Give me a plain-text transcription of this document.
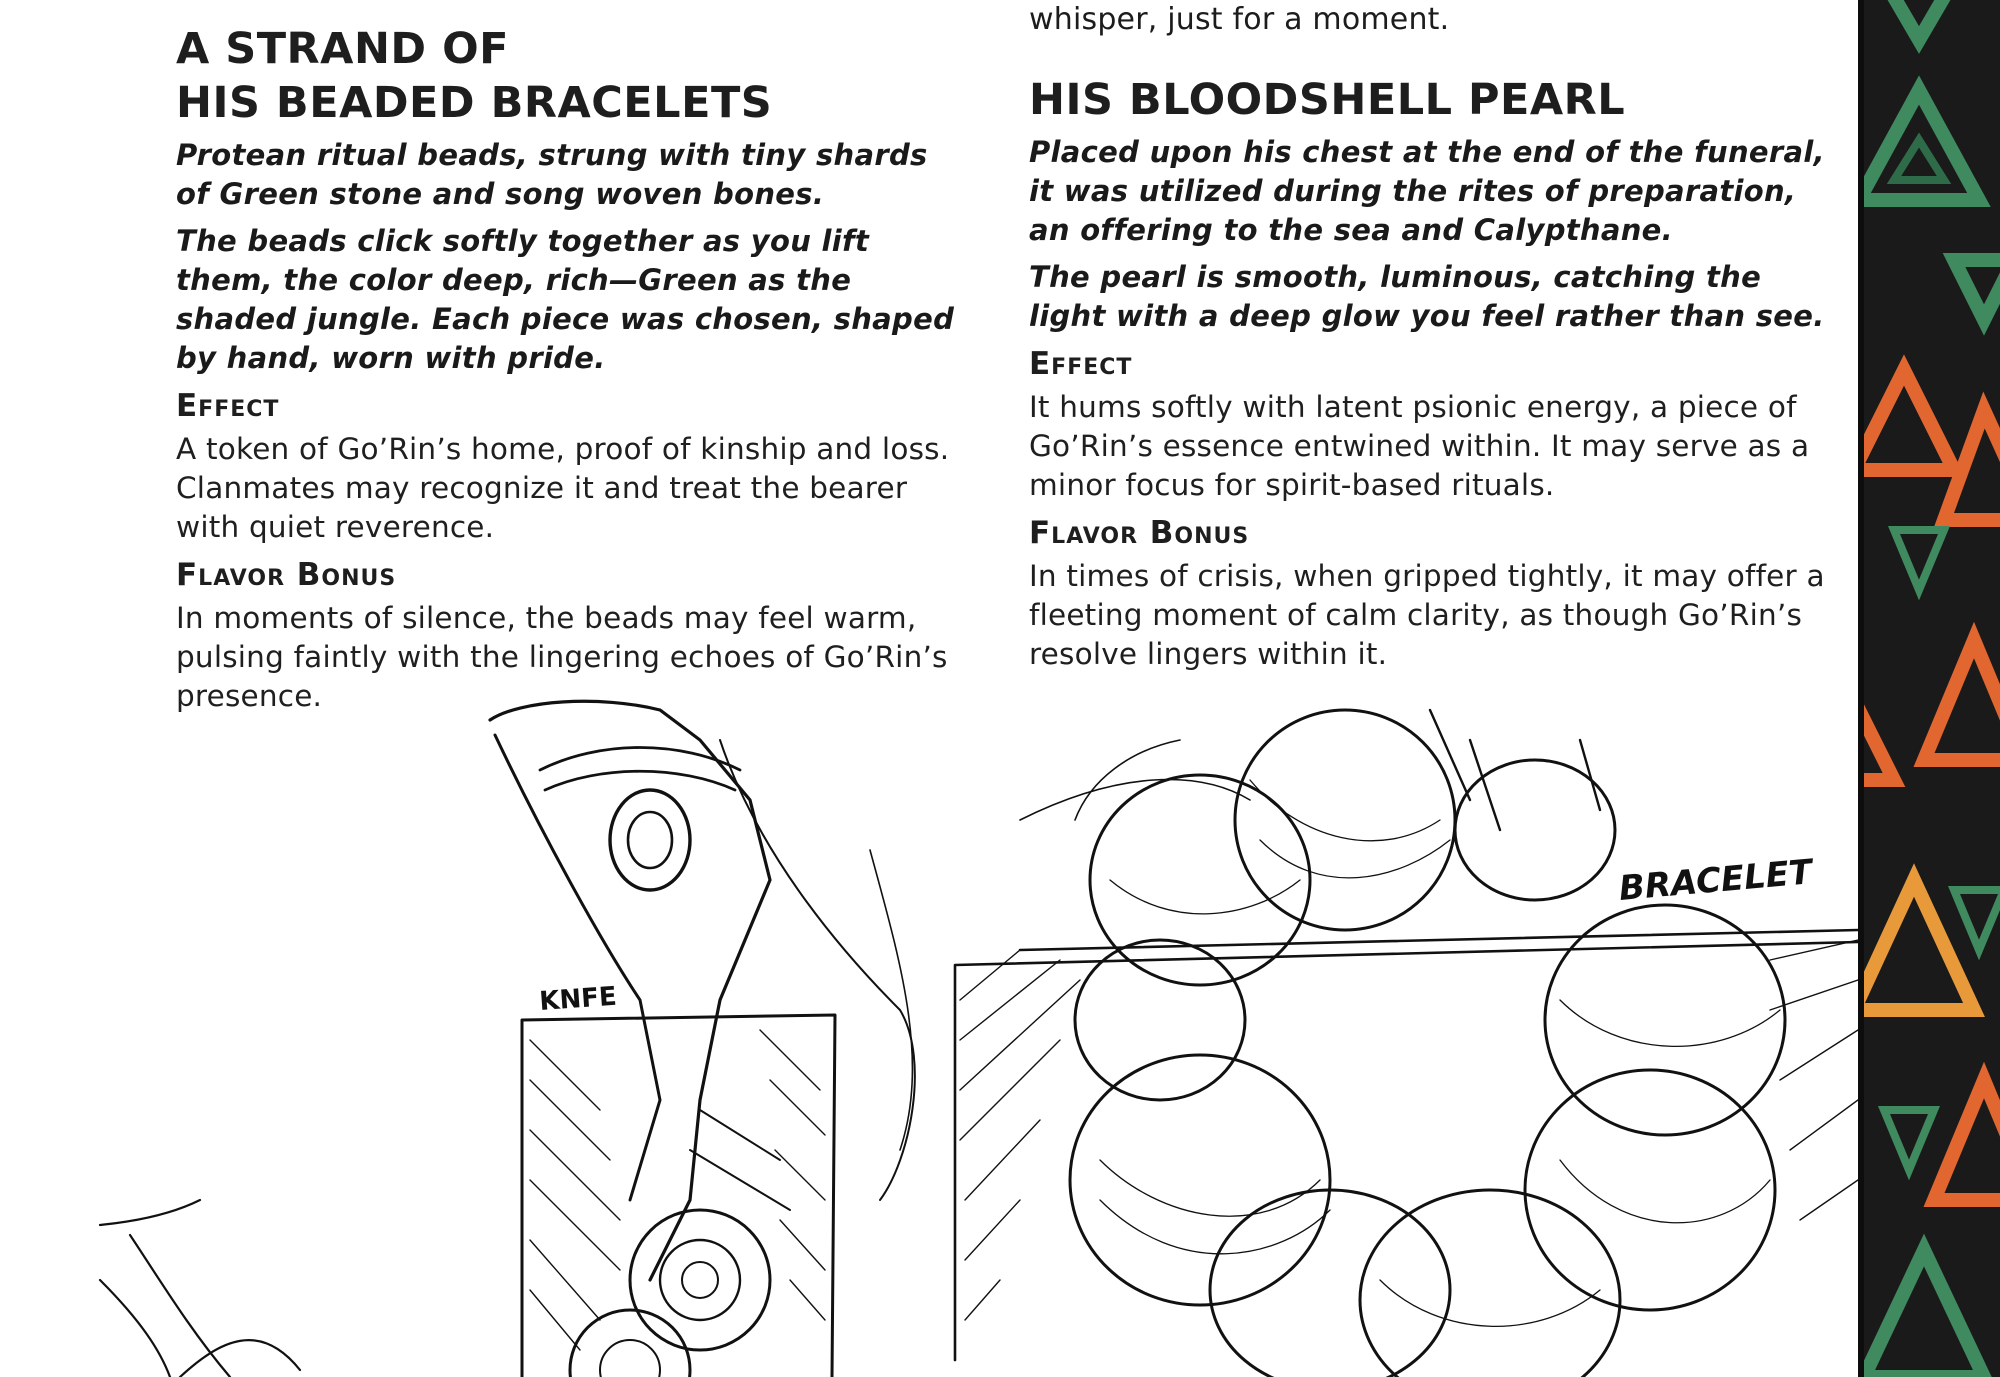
A STRAND OF
HIS BEADED BRACELETS

Protean ritual beads, strung with tiny shards of Green stone and song woven bones.

The beads click softly together as you lift them, the color deep, rich—Green as the shaded jungle. Each piece was chosen, shaped by hand, worn with pride.

Effect

A token of Go’Rin’s home, proof of kinship and loss. Clanmates may recognize it and treat the bearer with quiet reverence.

Flavor Bonus

In moments of silence, the beads may feel warm, pulsing faintly with the lingering echoes of Go’Rin’s presence.

whisper, just for a moment.

HIS BLOODSHELL PEARL

Placed upon his chest at the end of the funeral, it was utilized during the rites of preparation, an offering to the sea and Calypthane.

The pearl is smooth, luminous, catching the light with a deep glow you feel rather than see.

Effect

It hums softly with latent psionic energy, a piece of Go’Rin’s essence entwined within. It may serve as a minor focus for spirit-based rituals.

Flavor Bonus

In times of crisis, when gripped tightly, it may offer a fleeting moment of calm clarity, as though Go’Rin’s resolve lingers within it.

KNFE
BRACELET
